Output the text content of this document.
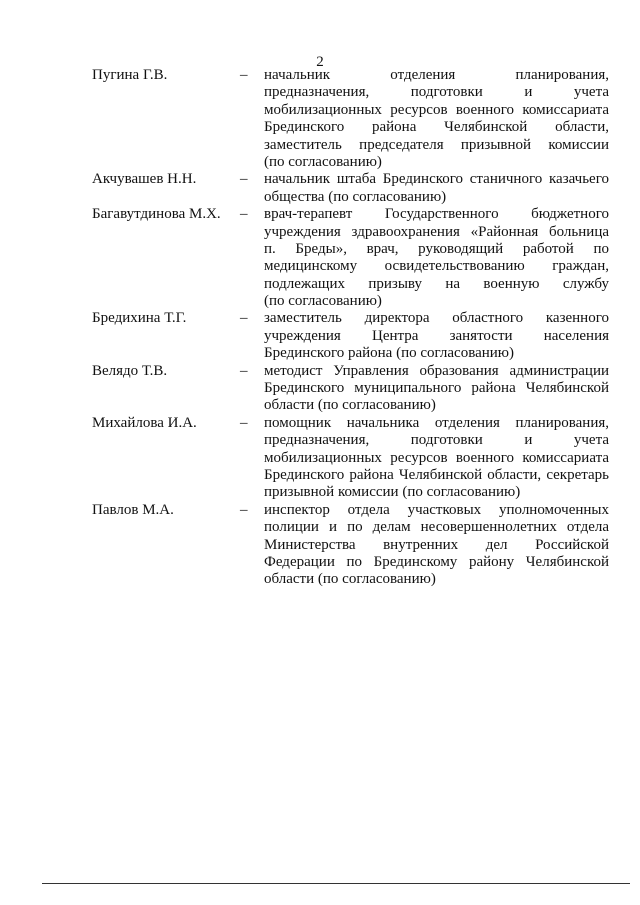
2
Пугина Г.В.	– начальник отделения планирования,
предназначения, подготовки и учета
мобилизационных ресурсов военного комиссариата
Брединского района Челябинской области,
заместитель председателя призывной комиссии
(по согласованию)
Акчувашев Н.Н.	– начальник штаба Брединского станичного казачьего
общества (по согласованию)
Багавутдинова М.Х. – врач-терапевт Государственного бюджетного
учреждения здравоохранения «Районная больница
п. Бреды», врач, руководящий работой по
медицинскому освидетельствованию граждан,
подлежащих призыву на военную службу
(по согласованию)
Бредихина Т.Г.	– заместитель директора областного казенного
учреждения Центра занятости населения
Брединского района (по согласованию)
Велядо Т.В.	– методист Управления образования администрации
Брединского муниципального района Челябинской
области (по согласованию)
Михайлова И.А.	– помощник начальника отделения планирования,
предназначения, подготовки и учета
мобилизационных ресурсов военного комиссариата
Брединского района Челябинской области, секретарь
призывной комиссии (по согласованию)
Павлов М.А.	– инспектор отдела участковых уполномоченных
полиции и по делам несовершеннолетних отдела
Министерства внутренних дел Российской
Федерации по Брединскому району Челябинской
области (по согласованию)
